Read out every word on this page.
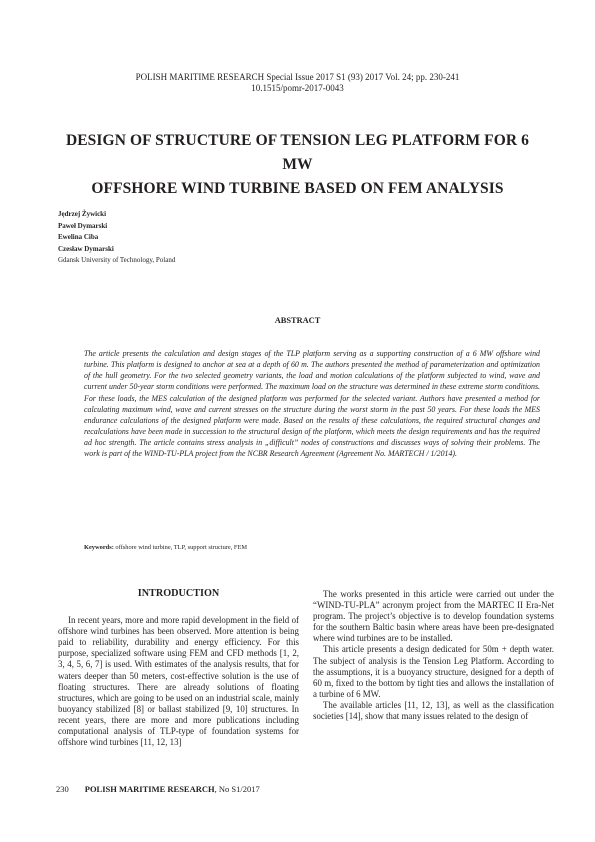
POLISH MARITIME RESEARCH Special Issue 2017 S1 (93) 2017 Vol. 24; pp. 230-241
10.1515/pomr-2017-0043
DESIGN OF STRUCTURE OF TENSION LEG PLATFORM FOR 6 MW
OFFSHORE WIND TURBINE BASED ON FEM ANALYSIS
Jędrzej Żywicki
Paweł Dymarski
Ewelina Ciba
Czesław Dymarski
Gdansk University of Technology, Poland
ABSTRACT
The article presents the calculation and design stages of the TLP platform serving as a supporting construction of a 6 MW offshore wind turbine. This platform is designed to anchor at sea at a depth of 60 m. The authors presented the method of parameterization and optimization of the hull geometry. For the two selected geometry variants, the load and motion calculations of the platform subjected to wind, wave and current under 50-year storm conditions were performed. The maximum load on the structure was determined in these extreme storm conditions. For these loads, the MES calculation of the designed platform was performed for the selected variant. Authors have presented a method for calculating maximum wind, wave and current stresses on the structure during the worst storm in the past 50 years. For these loads the MES endurance calculations of the designed platform were made. Based on the results of these calculations, the required structural changes and recalculations have been made in succession to the structural design of the platform, which meets the design requirements and has the required ad hoc strength. The article contains stress analysis in „difficult” nodes of constructions and discusses ways of solving their problems. The work is part of the WIND-TU-PLA project from the NCBR Research Agreement (Agreement No. MARTECH / 1/2014).
Keywords: offshore wind turbine, TLP, support structure, FEM

INTRODUCTION

In recent years, more and more rapid development in the field of offshore wind turbines has been observed. More attention is being paid to reliability, durability and energy efficiency. For this purpose, specialized software using FEM and CFD methods [1, 2, 3, 4, 5, 6, 7] is used. With estimates of the analysis results, that for waters deeper than 50 meters, cost-effective solution is the use of floating structures. There are already solutions of floating structures, which are going to be used on an industrial scale, mainly buoyancy stabilized [8] or ballast stabilized [9, 10] structures. In recent years, there are more and more publications including computational analysis of TLP-type of foundation systems for offshore wind turbines [11, 12, 13]

The works presented in this article were carried out under the “WIND-TU-PLA” acronym project from the MARTEC II Era-Net program. The project’s objective is to develop foundation systems for the southern Baltic basin where areas have been pre-designated where wind turbines are to be installed.

This article presents a design dedicated for 50m + depth water. The subject of analysis is the Tension Leg Platform. According to the assumptions, it is a buoyancy structure, designed for a depth of 60 m, fixed to the bottom by tight ties and allows the installation of a turbine of 6 MW.

The available articles [11, 12, 13], as well as the classification societies [14], show that many issues related to the design of

230 POLISH MARITIME RESEARCH, No S1/2017
